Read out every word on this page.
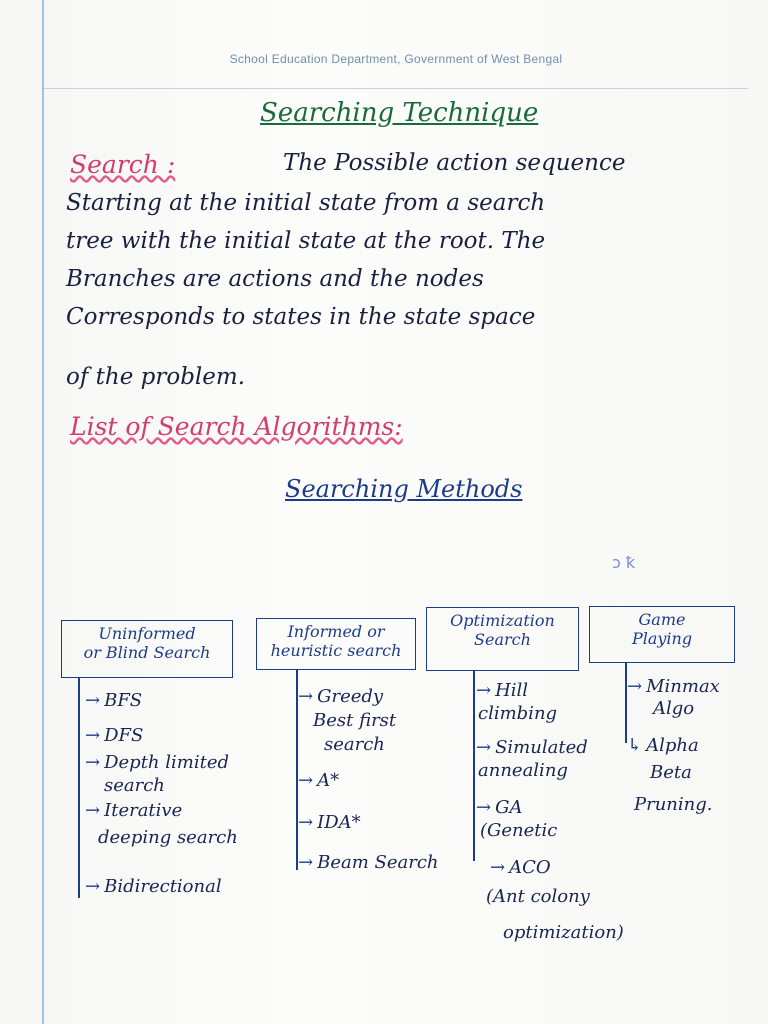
School Education Department, Government of West Bengal
Searching Technique
Search :	The Possible action sequence
Starting at the initial state from a search
tree with the initial state at the root. The
Branches are actions and the nodes
Corresponds to states in the state space
of the problem.
List of Search Algorithms:
Searching Methods
ɔ ꝁ
Uninformed
or Blind Search
Informed or
heuristic search
Optimization
Search
Game
Playing
→ BFS
→ DFS
→ Depth limited
search
→ Iterative
deeping search
→ Bidirectional
→ Greedy
Best first
search
→ A*
→ IDA*
→ Beam Search
→ Hill
climbing
→ Simulated
annealing
→ GA
(Genetic
→ ACO
(Ant colony
optimization)
→ Minmax
Algo
↳ Alpha
Beta
Pruning.
